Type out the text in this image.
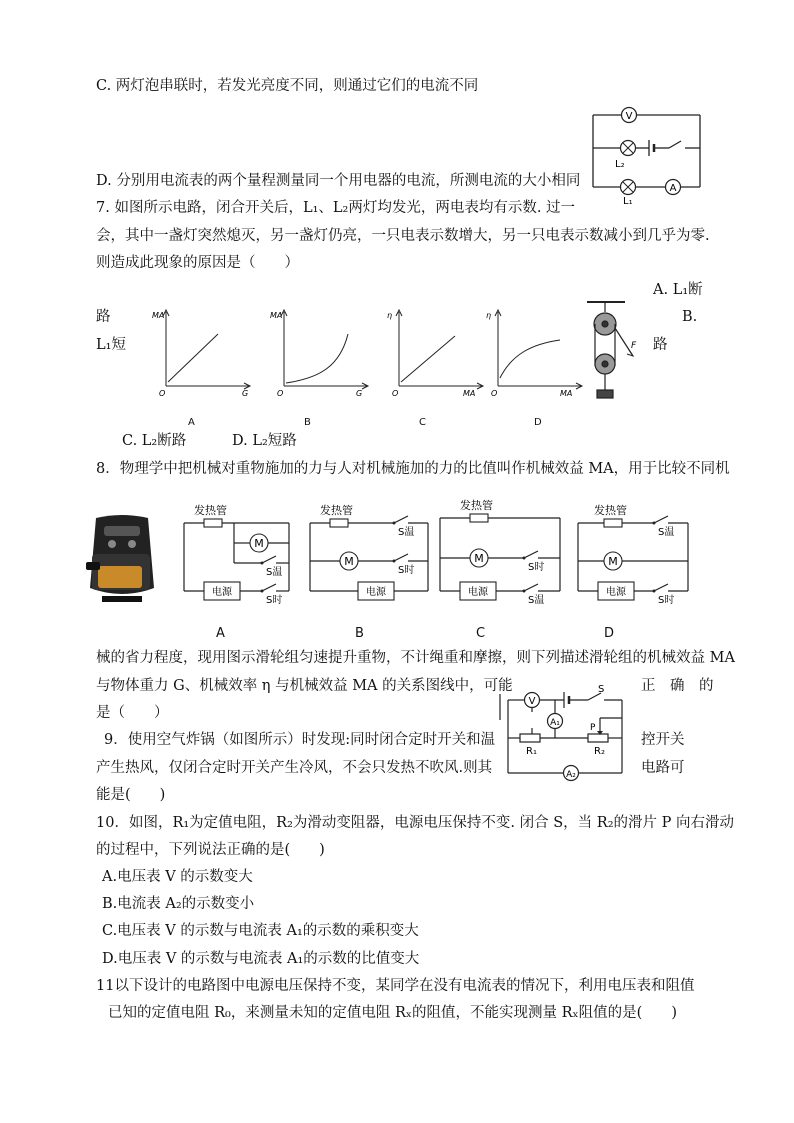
C. 两灯泡串联时，若发光亮度不同，则通过它们的电流不同
D. 分别用电流表的两个量程测量同一个用电器的电流，所测电流的大小相同
7. 如图所示电路，闭合开关后，L₁、L₂两灯均发光，两电表均有示数. 过一
会，其中一盏灯突然熄灭，另一盏灯仍亮，一只电表示数增大，另一只电表示数减小到几乎为零.
则造成此现象的原因是（　　）
A. L₁断
路	B.
L₁短	路
C. L₂断路	D. L₂短路
8．物理学中把机械对重物施加的力与人对机械施加的力的比值叫作机械效益 MA，用于比较不同机
械的省力程度，现用图示滑轮组匀速提升重物，不计绳重和摩擦，则下列描述滑轮组的机械效益 MA
与物体重力 G、机械效率 η 与机械效益 MA 的关系图线中，可能	正　确　的
是（　　）
9．使用空气炸锅（如图所示）时发现:同时闭合定时开关和温	控开关
产生热风，仅闭合定时开关产生冷风，不会只发热不吹风.则其	电路可
能是(　　)
10．如图，R₁为定值电阻，R₂为滑动变阻器，电源电压保持不变. 闭合 S，当 R₂的滑片 P 向右滑动
的过程中，下列说法正确的是(　　)
A.电压表 V 的示数变大
B.电流表 A₂的示数变小
C.电压表 V 的示数与电流表 A₁的示数的乘积变大
D.电压表 V 的示数与电流表 A₁的示数的比值变大
11以下设计的电路图中电源电压保持不变，某同学在没有电流表的情况下，利用电压表和阻值
已知的定值电阻 R₀，来测量未知的定值电阻 Rₓ的阻值，不能实现测量 Rₓ阻值的是(　　)
V
L₂
L₁
A
MA
O	G
MA
O	G
η
O	MA
η
O	MA
A	B	C	D
F
发热管
M
S温
电源
S时
发热管
S温
M
S时
电源
发热管
M
S时
电源
S温
发热管
S温
M
电源
S时
A	B	C	D
V
A₁
A₂
R₁	R₂
S
P
